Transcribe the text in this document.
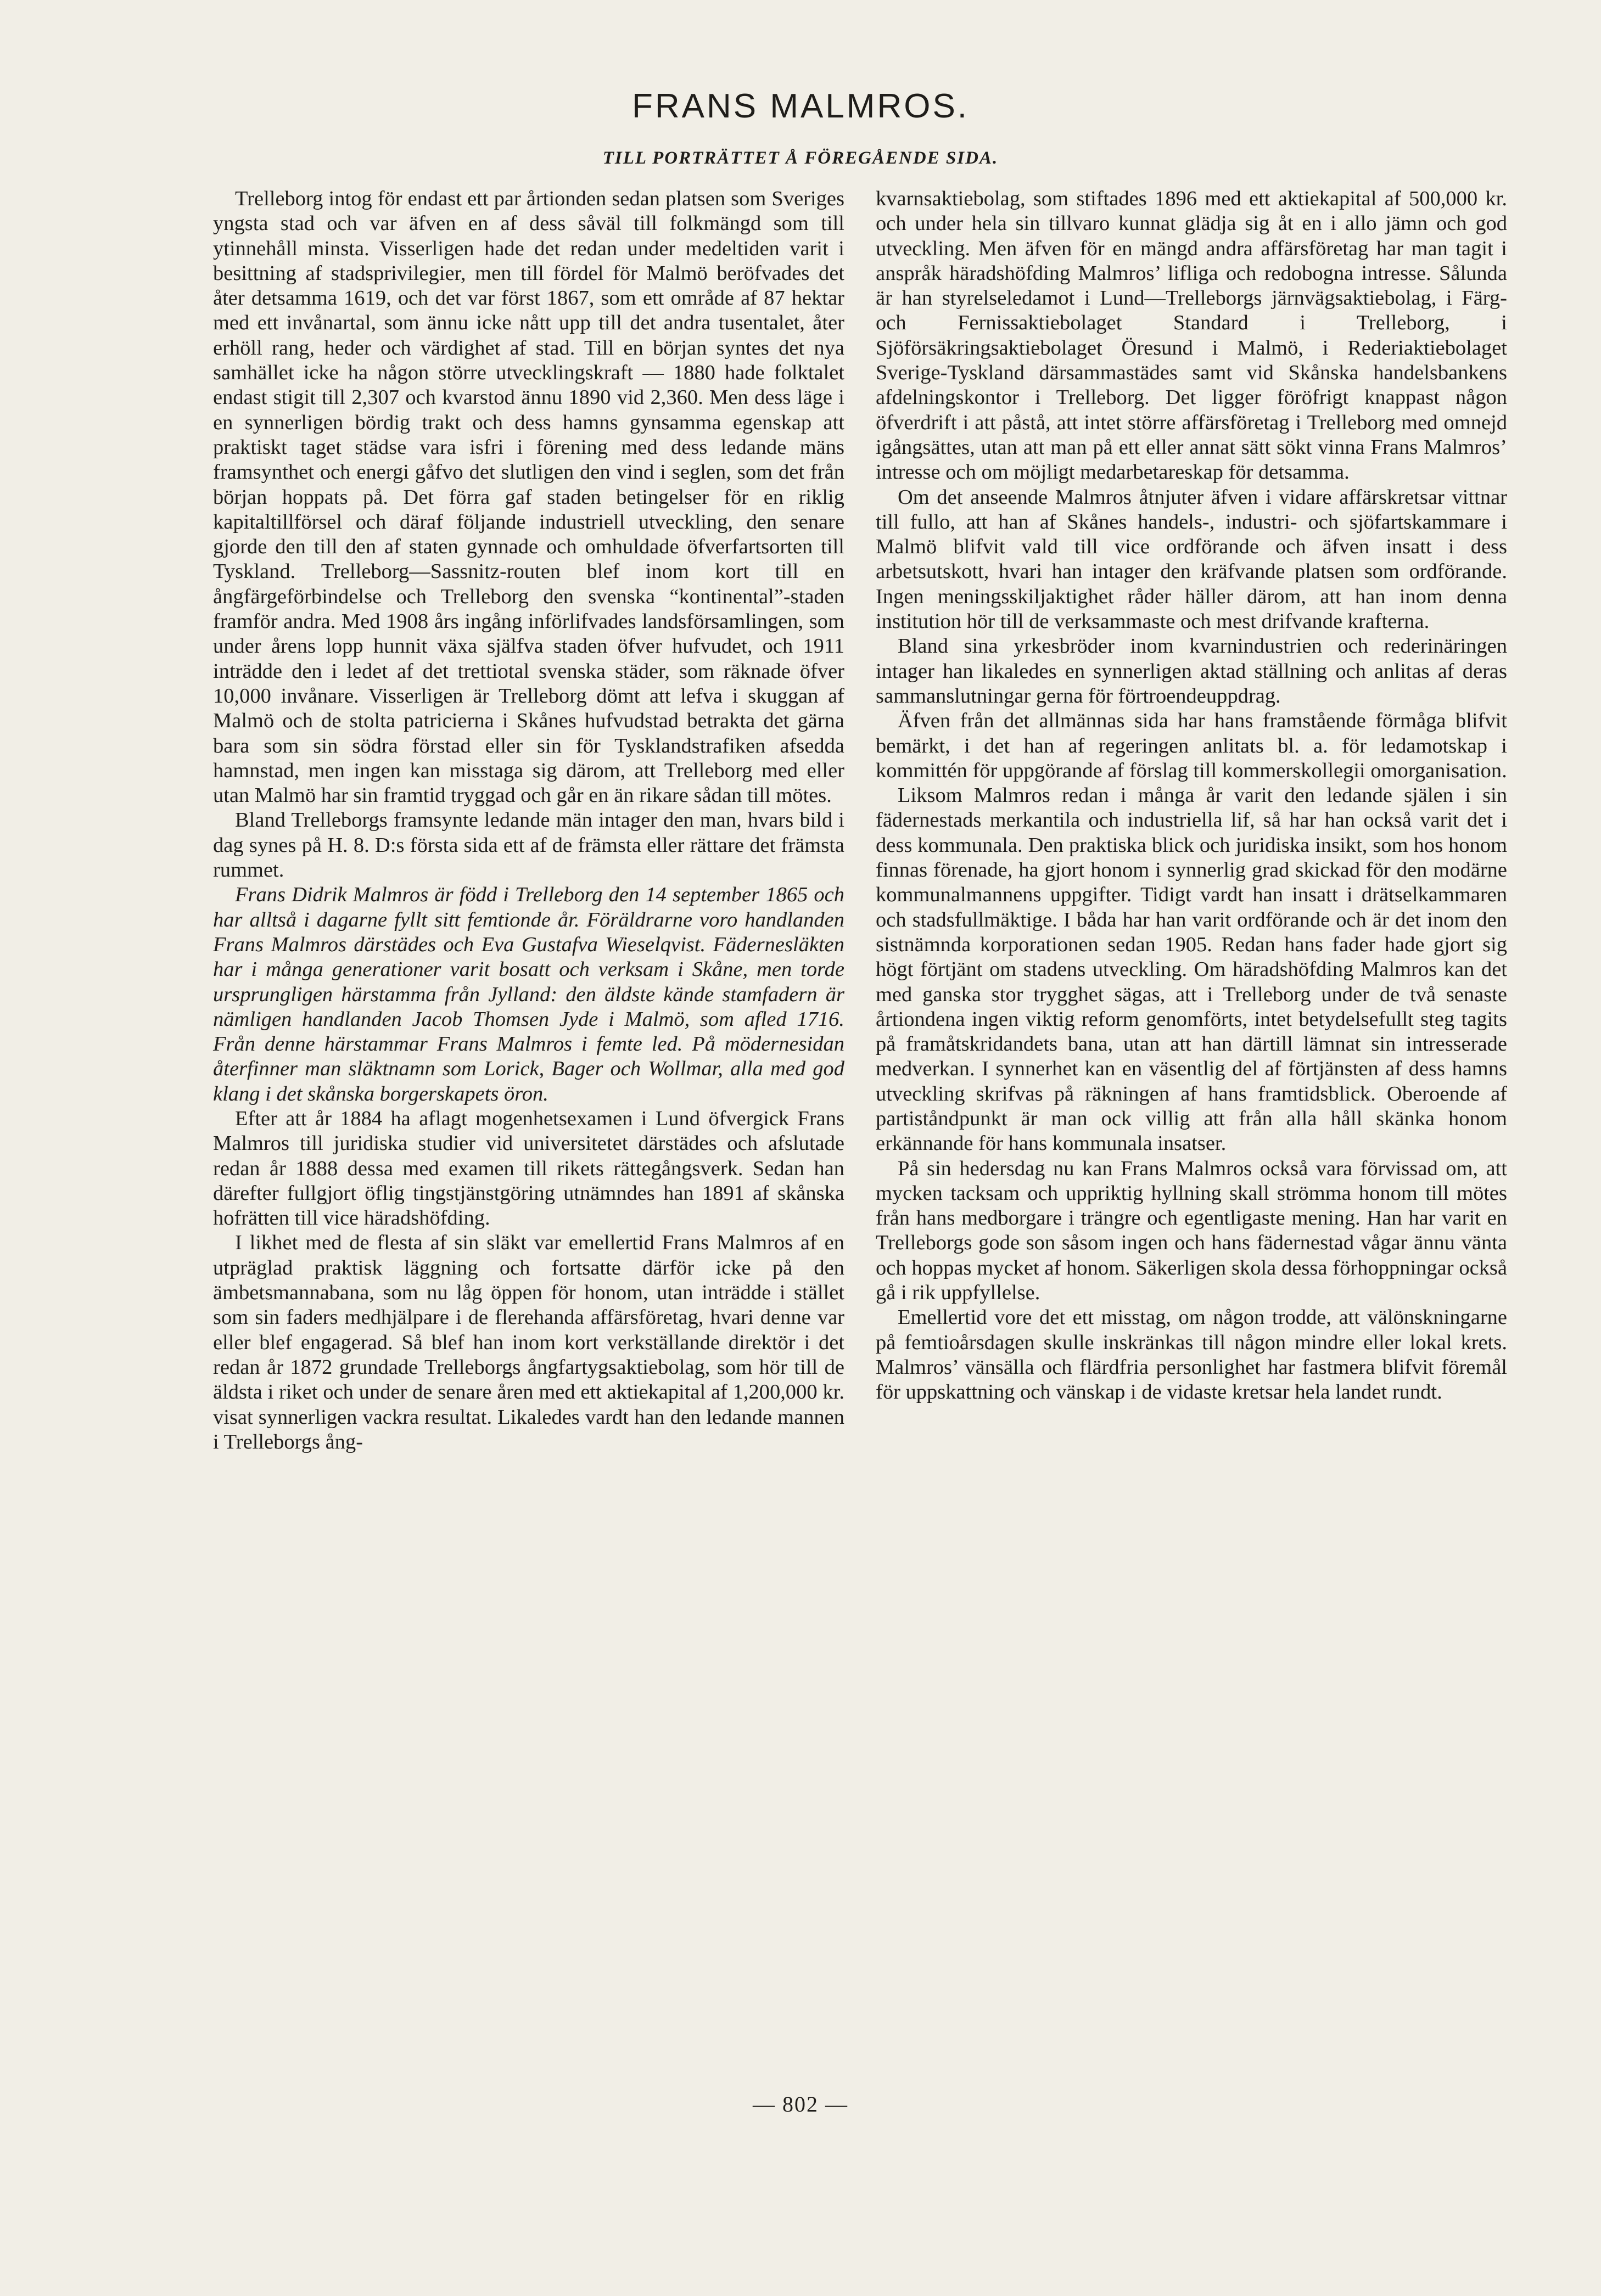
FRANS MALMROS.
TILL PORTRÄTTET Å FÖREGÅENDE SIDA.

Trelleborg intog för endast ett par årtionden sedan platsen som Sveriges yngsta stad och var äfven en af dess såväl till folkmängd som till ytinnehåll minsta. Visserligen hade det redan under medeltiden varit i besittning af stadsprivilegier, men till fördel för Malmö beröfvades det åter detsamma 1619, och det var först 1867, som ett område af 87 hektar med ett invånartal, som ännu icke nått upp till det andra tusentalet, åter erhöll rang, heder och värdighet af stad. Till en början syntes det nya samhället icke ha någon större utvecklingskraft — 1880 hade folktalet endast stigit till 2,307 och kvarstod ännu 1890 vid 2,360. Men dess läge i en synnerligen bördig trakt och dess hamns gynsamma egenskap att praktiskt taget städse vara isfri i förening med dess ledande mäns framsynthet och energi gåfvo det slutligen den vind i seglen, som det från början hoppats på. Det förra gaf staden betingelser för en riklig kapitaltillförsel och däraf följande industriell utveckling, den senare gjorde den till den af staten gynnade och omhuldade öfverfartsorten till Tyskland. Trelleborg—Sassnitz-routen blef inom kort till en ångfärgeförbindelse och Trelleborg den svenska “kontinental”-staden framför andra. Med 1908 års ingång införlifvades landsförsamlingen, som under årens lopp hunnit växa själfva staden öfver hufvudet, och 1911 inträdde den i ledet af det trettiotal svenska städer, som räknade öfver 10,000 invånare. Visserligen är Trelleborg dömt att lefva i skuggan af Malmö och de stolta patricierna i Skånes hufvudstad betrakta det gärna bara som sin södra förstad eller sin för Tysklandstrafiken afsedda hamnstad, men ingen kan misstaga sig därom, att Trelleborg med eller utan Malmö har sin framtid tryggad och går en än rikare sådan till mötes.

Bland Trelleborgs framsynte ledande män intager den man, hvars bild i dag synes på H. 8. D:s första sida ett af de främsta eller rättare det främsta rummet.

Frans Didrik Malmros är född i Trelleborg den 14 september 1865 och har alltså i dagarne fyllt sitt femtionde år. Föräldrarne voro handlanden Frans Malmros därstädes och Eva Gustafva Wieselqvist. Fädernesläkten har i många generationer varit bosatt och verksam i Skåne, men torde ursprungligen härstamma från Jylland: den äldste kände stamfadern är nämligen handlanden Jacob Thomsen Jyde i Malmö, som afled 1716. Från denne härstammar Frans Malmros i femte led. På mödernesidan återfinner man släktnamn som Lorick, Bager och Wollmar, alla med god klang i det skånska borgerskapets öron.

Efter att år 1884 ha aflagt mogenhetsexamen i Lund öfvergick Frans Malmros till juridiska studier vid universitetet därstädes och afslutade redan år 1888 dessa med examen till rikets rättegångsverk. Sedan han därefter fullgjort öflig tingstjänstgöring utnämndes han 1891 af skånska hofrätten till vice häradshöfding.

I likhet med de flesta af sin släkt var emellertid Frans Malmros af en utpräglad praktisk läggning och fortsatte därför icke på den ämbetsmannabana, som nu låg öppen för honom, utan inträdde i stället som sin faders medhjälpare i de flerehanda affärsföretag, hvari denne var eller blef engagerad. Så blef han inom kort verkställande direktör i det redan år 1872 grundade Trelleborgs ångfartygsaktiebolag, som hör till de äldsta i riket och under de senare åren med ett aktiekapital af 1,200,000 kr. visat synnerligen vackra resultat. Likaledes vardt han den ledande mannen i Trelleborgs ång-

kvarnsaktiebolag, som stiftades 1896 med ett aktiekapital af 500,000 kr. och under hela sin tillvaro kunnat glädja sig åt en i allo jämn och god utveckling. Men äfven för en mängd andra affärsföretag har man tagit i anspråk häradshöfding Malmros’ lifliga och redobogna intresse. Sålunda är han styrelseledamot i Lund—Trelleborgs järnvägsaktiebolag, i Färg- och Fernissaktiebolaget Standard i Trelleborg, i Sjöförsäkringsaktiebolaget Öresund i Malmö, i Rederiaktiebolaget Sverige-Tyskland därsammastädes samt vid Skånska handelsbankens afdelningskontor i Trelleborg. Det ligger föröfrigt knappast någon öfverdrift i att påstå, att intet större affärsföretag i Trelleborg med omnejd igångsättes, utan att man på ett eller annat sätt sökt vinna Frans Malmros’ intresse och om möjligt medarbetareskap för detsamma.

Om det anseende Malmros åtnjuter äfven i vidare affärskretsar vittnar till fullo, att han af Skånes handels-, industri- och sjöfartskammare i Malmö blifvit vald till vice ordförande och äfven insatt i dess arbetsutskott, hvari han intager den kräfvande platsen som ordförande. Ingen meningsskiljaktighet råder häller därom, att han inom denna institution hör till de verksammaste och mest drifvande krafterna.

Bland sina yrkesbröder inom kvarnindustrien och rederinäringen intager han likaledes en synnerligen aktad ställning och anlitas af deras sammanslutningar gerna för förtroendeuppdrag.

Äfven från det allmännas sida har hans framstående förmåga blifvit bemärkt, i det han af regeringen anlitats bl. a. för ledamotskap i kommittén för uppgörande af förslag till kommerskollegii omorganisation.

Liksom Malmros redan i många år varit den ledande själen i sin fädernestads merkantila och industriella lif, så har han också varit det i dess kommunala. Den praktiska blick och juridiska insikt, som hos honom finnas förenade, ha gjort honom i synnerlig grad skickad för den modärne kommunalmannens uppgifter. Tidigt vardt han insatt i drätselkammaren och stadsfullmäktige. I båda har han varit ordförande och är det inom den sistnämnda korporationen sedan 1905. Redan hans fader hade gjort sig högt förtjänt om stadens utveckling. Om häradshöfding Malmros kan det med ganska stor trygghet sägas, att i Trelleborg under de två senaste årtiondena ingen viktig reform genomförts, intet betydelsefullt steg tagits på framåtskridandets bana, utan att han därtill lämnat sin intresserade medverkan. I synnerhet kan en väsentlig del af förtjänsten af dess hamns utveckling skrifvas på räkningen af hans framtidsblick. Oberoende af partiståndpunkt är man ock villig att från alla håll skänka honom erkännande för hans kommunala insatser.

På sin hedersdag nu kan Frans Malmros också vara förvissad om, att mycken tacksam och uppriktig hyllning skall strömma honom till mötes från hans medborgare i trängre och egentligaste mening. Han har varit en Trelleborgs gode son såsom ingen och hans fädernestad vågar ännu vänta och hoppas mycket af honom. Säkerligen skola dessa förhoppningar också gå i rik uppfyllelse.

Emellertid vore det ett misstag, om någon trodde, att välönskningarne på femtioårsdagen skulle inskränkas till någon mindre eller lokal krets. Malmros’ vänsälla och flärdfria personlighet har fastmera blifvit föremål för uppskattning och vänskap i de vidaste kretsar hela landet rundt.

— 802 —
